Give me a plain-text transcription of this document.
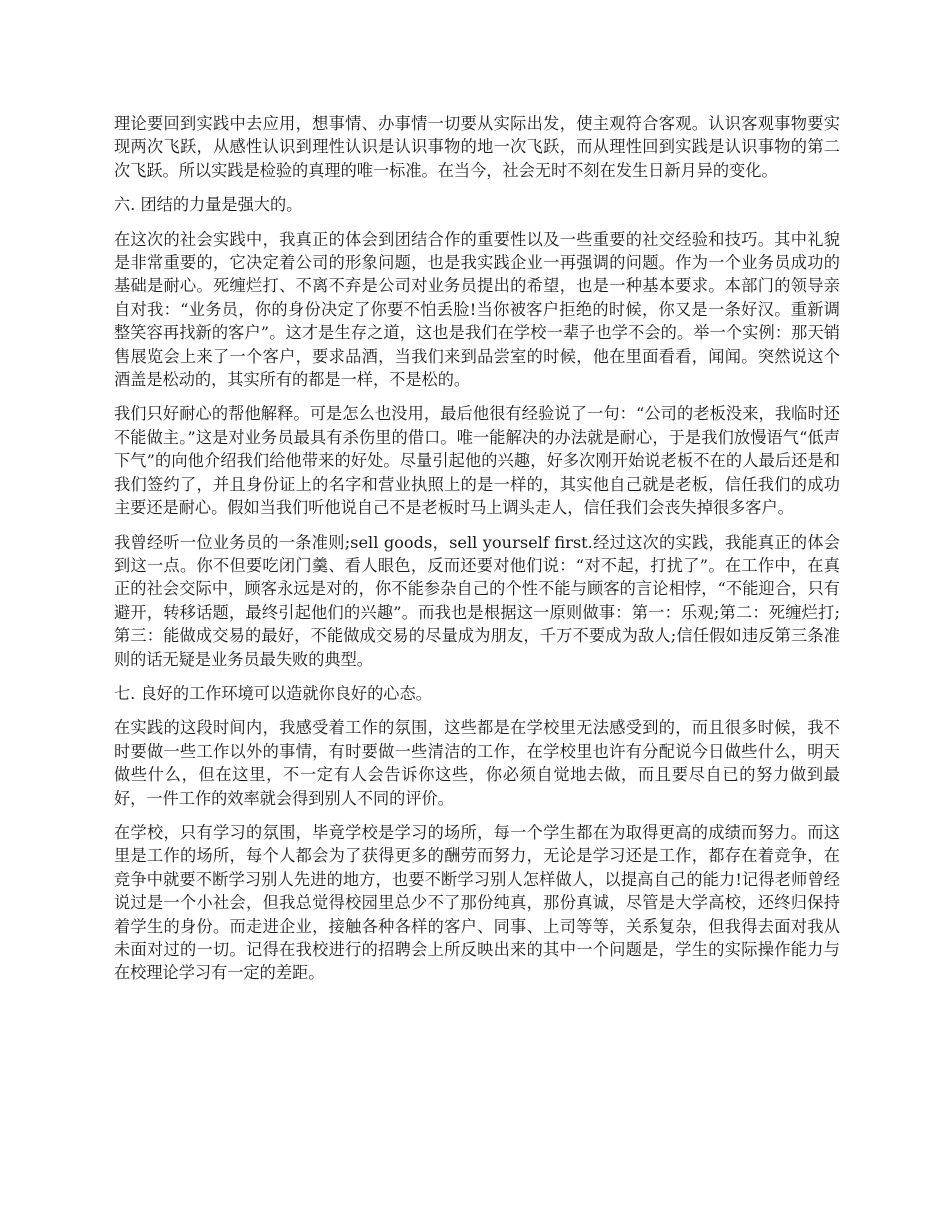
理论要回到实践中去应用，想事情、办事情一切要从实际出发，使主观符合客观。认识客观事物要实现两次飞跃，从感性认识到理性认识是认识事物的地一次飞跃，而从理性回到实践是认识事物的第二次飞跃。所以实践是检验的真理的唯一标准。在当今，社会无时不刻在发生日新月异的变化。

六. 团结的力量是强大的。

在这次的社会实践中，我真正的体会到团结合作的重要性以及一些重要的社交经验和技巧。其中礼貌是非常重要的，它决定着公司的形象问题，也是我实践企业一再强调的问题。作为一个业务员成功的基础是耐心。死缠烂打、不离不弃是公司对业务员提出的希望，也是一种基本要求。本部门的领导亲自对我：“业务员，你的身份决定了你要不怕丢脸!当你被客户拒绝的时候，你又是一条好汉。重新调整笑容再找新的客户”。这才是生存之道，这也是我们在学校一辈子也学不会的。举一个实例：那天销售展览会上来了一个客户，要求品酒，当我们来到品尝室的时候，他在里面看看，闻闻。突然说这个酒盖是松动的，其实所有的都是一样，不是松的。

我们只好耐心的帮他解释。可是怎么也没用，最后他很有经验说了一句：“公司的老板没来，我临时还不能做主。”这是对业务员最具有杀伤里的借口。唯一能解决的办法就是耐心，于是我们放慢语气“低声下气”的向他介绍我们给他带来的好处。尽量引起他的兴趣，好多次刚开始说老板不在的人最后还是和我们签约了，并且身份证上的名字和营业执照上的是一样的，其实他自己就是老板，信任我们的成功主要还是耐心。假如当我们听他说自己不是老板时马上调头走人，信任我们会丧失掉很多客户。

我曾经听一位业务员的一条准则;sell goods，sell yourself first.经过这次的实践，我能真正的体会到这一点。你不但要吃闭门羹、看人眼色，反而还要对他们说：“对不起，打扰了”。在工作中，在真正的社会交际中，顾客永远是对的，你不能参杂自己的个性不能与顾客的言论相悖，“不能迎合，只有避开，转移话题，最终引起他们的兴趣”。而我也是根据这一原则做事：第一：乐观;第二：死缠烂打;第三：能做成交易的最好，不能做成交易的尽量成为朋友，千万不要成为敌人;信任假如违反第三条准则的话无疑是业务员最失败的典型。

七. 良好的工作环境可以造就你良好的心态。

在实践的这段时间内，我感受着工作的氛围，这些都是在学校里无法感受到的，而且很多时候，我不时要做一些工作以外的事情，有时要做一些清洁的工作，在学校里也许有分配说今日做些什么，明天做些什么，但在这里，不一定有人会告诉你这些，你必须自觉地去做，而且要尽自已的努力做到最好，一件工作的效率就会得到别人不同的评价。

在学校，只有学习的氛围，毕竟学校是学习的场所，每一个学生都在为取得更高的成绩而努力。而这里是工作的场所，每个人都会为了获得更多的酬劳而努力，无论是学习还是工作，都存在着竞争，在竞争中就要不断学习别人先进的地方，也要不断学习别人怎样做人，以提高自己的能力!记得老师曾经说过是一个小社会，但我总觉得校园里总少不了那份纯真，那份真诚，尽管是大学高校，还终归保持着学生的身份。而走进企业，接触各种各样的客户、同事、上司等等，关系复杂，但我得去面对我从未面对过的一切。记得在我校进行的招聘会上所反映出来的其中一个问题是，学生的实际操作能力与在校理论学习有一定的差距。
